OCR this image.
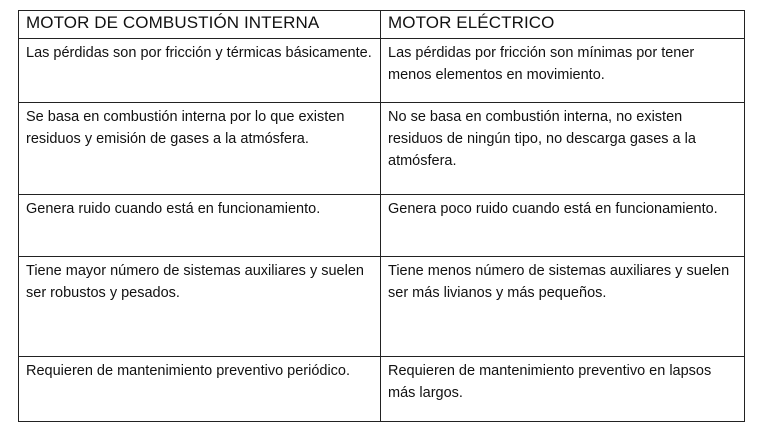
MOTOR DE COMBUSTIÓN INTERNA	MOTOR ELÉCTRICO
Las pérdidas son por fricción y térmicas básicamente.	Las pérdidas por fricción son mínimas por tener menos elementos en movimiento.
Se basa en combustión interna por lo que existen residuos y emisión de gases a la atmósfera.	No se basa en combustión interna, no existen residuos de ningún tipo, no descarga gases a la atmósfera.
Genera ruido cuando está en funcionamiento.	Genera poco ruido cuando está en funcionamiento.
Tiene mayor número de sistemas auxiliares y suelen ser robustos y pesados.	Tiene menos número de sistemas auxiliares y suelen ser más livianos y más pequeños.
Requieren de mantenimiento preventivo periódico.	Requieren de mantenimiento preventivo en lapsos más largos.
